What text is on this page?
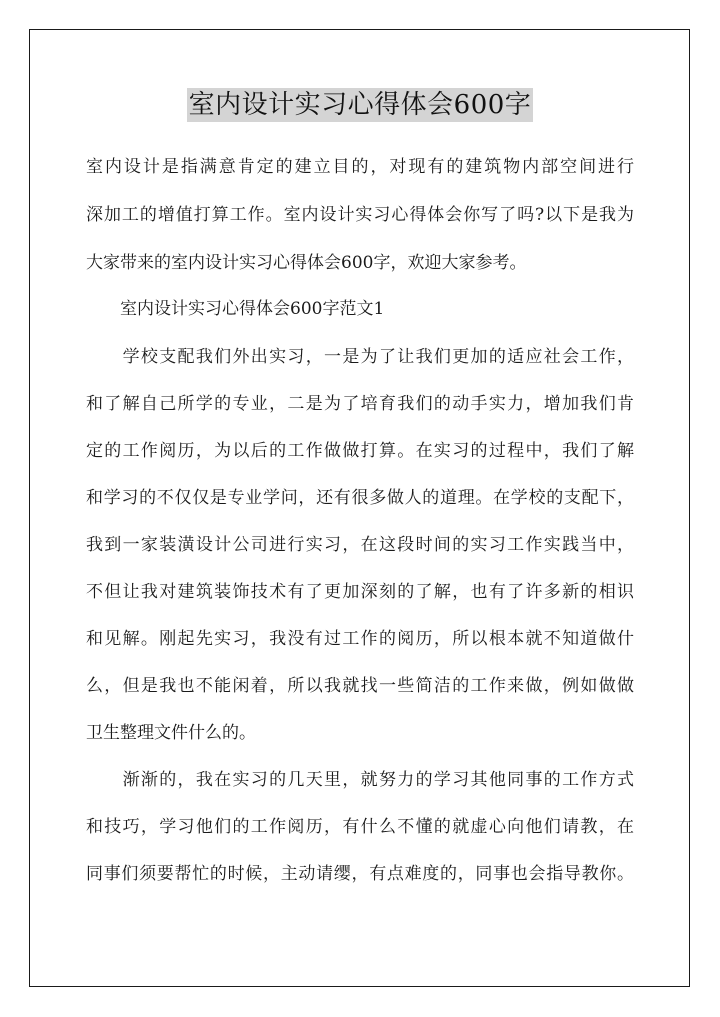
室内设计实习心得体会600字
室内设计是指满意肯定的建立目的，对现有的建筑物内部空间进行
深加工的增值打算工作。室内设计实习心得体会你写了吗?以下是我为
大家带来的室内设计实习心得体会600字，欢迎大家参考。
　　室内设计实习心得体会600字范文1
　　学校支配我们外出实习，一是为了让我们更加的适应社会工作，
和了解自己所学的专业，二是为了培育我们的动手实力，增加我们肯
定的工作阅历，为以后的工作做做打算。在实习的过程中，我们了解
和学习的不仅仅是专业学问，还有很多做人的道理。在学校的支配下，
我到一家装潢设计公司进行实习，在这段时间的实习工作实践当中，
不但让我对建筑装饰技术有了更加深刻的了解，也有了许多新的相识
和见解。刚起先实习，我没有过工作的阅历，所以根本就不知道做什
么，但是我也不能闲着，所以我就找一些简洁的工作来做，例如做做
卫生整理文件什么的。
　　渐渐的，我在实习的几天里，就努力的学习其他同事的工作方式
和技巧，学习他们的工作阅历，有什么不懂的就虚心向他们请教，在
同事们须要帮忙的时候，主动请缨，有点难度的，同事也会指导教你。
